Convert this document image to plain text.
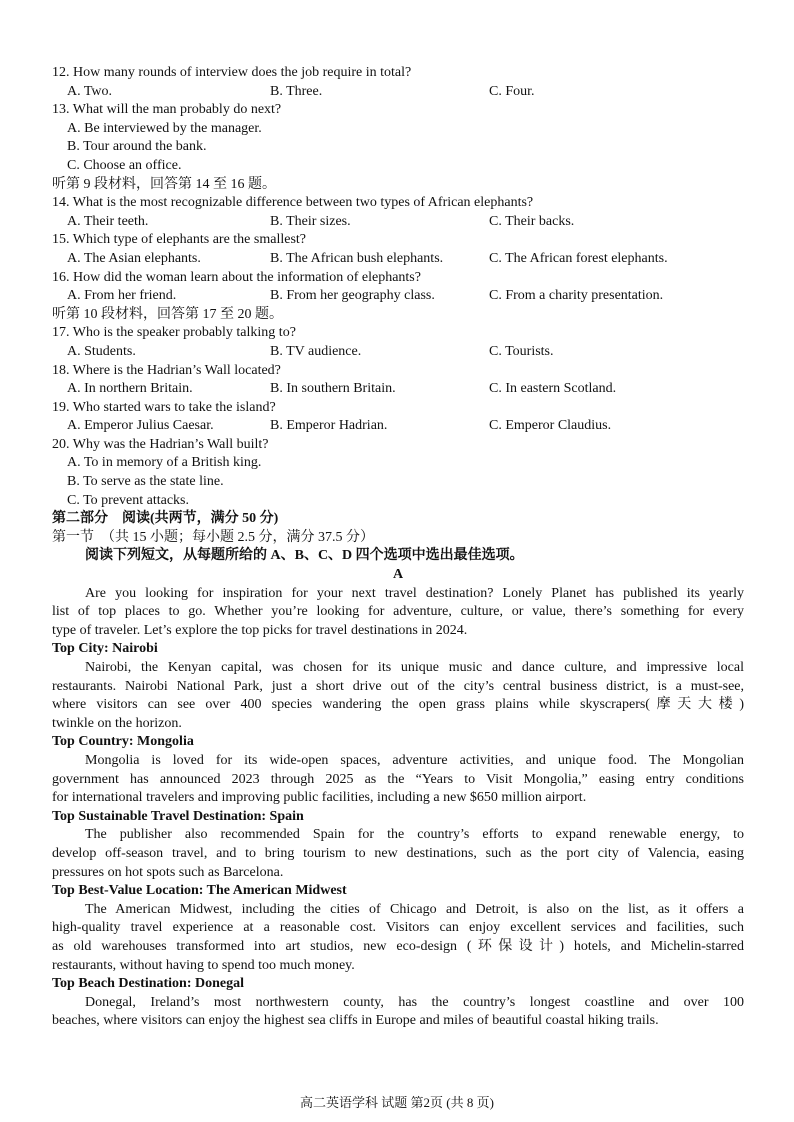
12. How many rounds of interview does the job require in total?
A. Two.	B. Three.	C. Four.
13. What will the man probably do next?
A. Be interviewed by the manager.
B. Tour around the bank.
C. Choose an office.
听第 9 段材料，回答第 14 至 16 题。
14. What is the most recognizable difference between two types of African elephants?
A. Their teeth.	B. Their sizes.	C. Their backs.
15. Which type of elephants are the smallest?
A. The Asian elephants.	B. The African bush elephants.	C. The African forest elephants.
16. How did the woman learn about the information of elephants?
A. From her friend.	B. From her geography class.	C. From a charity presentation.
听第 10 段材料，回答第 17 至 20 题。
17. Who is the speaker probably talking to?
A. Students.	B. TV audience.	C. Tourists.
18. Where is the Hadrian’s Wall located?
A. In northern Britain.	B. In southern Britain.	C. In eastern Scotland.
19. Who started wars to take the island?
A. Emperor Julius Caesar.	B. Emperor Hadrian.	C. Emperor Claudius.
20. Why was the Hadrian’s Wall built?
A. To in memory of a British king.
B. To serve as the state line.
C. To prevent attacks.
第二部分 阅读(共两节，满分 50 分)
第一节　（共 15 小题；每小题 2.5 分，满分 37.5 分）
阅读下列短文，从每题所给的 A、B、C、D 四个选项中选出最佳选项。
A
Are you looking for inspiration for your next travel destination? Lonely Planet has published its yearly
list of top places to go. Whether you’re looking for adventure, culture, or value, there’s something for every
type of traveler. Let’s explore the top picks for travel destinations in 2024.
Top City: Nairobi
Nairobi, the Kenyan capital, was chosen for its unique music and dance culture, and impressive local
restaurants. Nairobi National Park, just a short drive out of the city’s central business district, is a must-see,
where visitors can see over 400 species wandering the open grass plains while skyscrapers(摩天大楼)
twinkle on the horizon.
Top Country: Mongolia
Mongolia is loved for its wide-open spaces, adventure activities, and unique food. The Mongolian
government has announced 2023 through 2025 as the “Years to Visit Mongolia,” easing entry conditions
for international travelers and improving public facilities, including a new $650 million airport.
Top Sustainable Travel Destination: Spain
The publisher also recommended Spain for the country’s efforts to expand renewable energy, to
develop off-season travel, and to bring tourism to new destinations, such as the port city of Valencia, easing
pressures on hot spots such as Barcelona.
Top Best-Value Location: The American Midwest
The American Midwest, including the cities of Chicago and Detroit, is also on the list, as it offers a
high-quality travel experience at a reasonable cost. Visitors can enjoy excellent services and facilities, such
as old warehouses transformed into art studios, new eco-design (环保设计) hotels, and Michelin-starred
restaurants, without having to spend too much money.
Top Beach Destination: Donegal
Donegal, Ireland’s most northwestern county, has the country’s longest coastline and over 100
beaches, where visitors can enjoy the highest sea cliffs in Europe and miles of beautiful coastal hiking trails.
高二英语学科 试题 第2页 (共 8 页)
